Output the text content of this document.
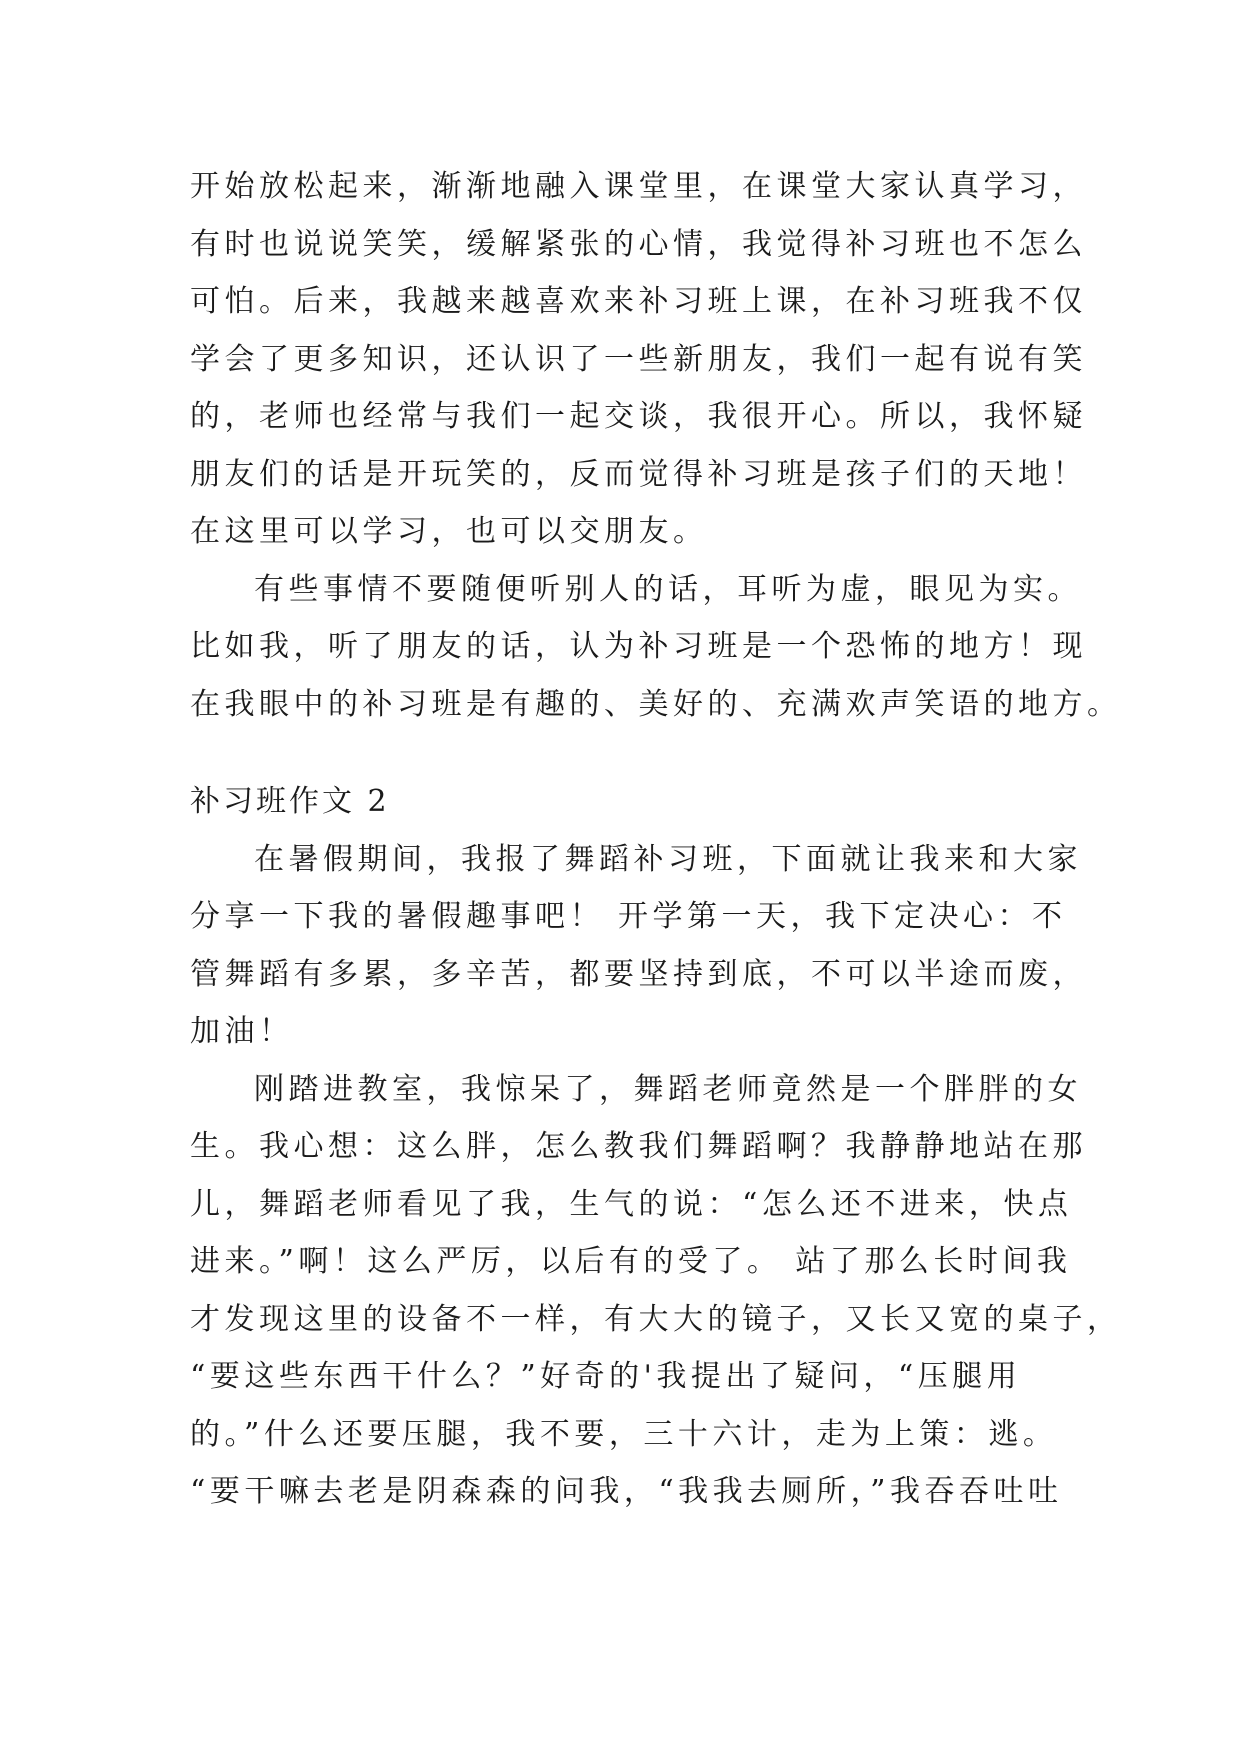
开始放松起来，渐渐地融入课堂里，在课堂大家认真学习，
有时也说说笑笑，缓解紧张的心情，我觉得补习班也不怎么
可怕。后来，我越来越喜欢来补习班上课，在补习班我不仅
学会了更多知识，还认识了一些新朋友，我们一起有说有笑
的，老师也经常与我们一起交谈，我很开心。所以，我怀疑
朋友们的话是开玩笑的，反而觉得补习班是孩子们的天地！
在这里可以学习，也可以交朋友。
有些事情不要随便听别人的话，耳听为虚，眼见为实。
比如我，听了朋友的话，认为补习班是一个恐怖的地方！现
在我眼中的补习班是有趣的、美好的、充满欢声笑语的地方。
补习班作文 2
在暑假期间，我报了舞蹈补习班，下面就让我来和大家
分享一下我的暑假趣事吧！ 开学第一天，我下定决心：不
管舞蹈有多累，多辛苦，都要坚持到底，不可以半途而废，
加油！
刚踏进教室，我惊呆了，舞蹈老师竟然是一个胖胖的女
生。我心想：这么胖，怎么教我们舞蹈啊？我静静地站在那
儿，舞蹈老师看见了我，生气的说：“怎么还不进来，快点
进来。”啊！这么严厉，以后有的受了。 站了那么长时间我
才发现这里的设备不一样，有大大的镜子，又长又宽的桌子，
“要这些东西干什么？”好奇的'我提出了疑问，“压腿用
的。”什么还要压腿，我不要，三十六计，走为上策：逃。
“要干嘛去老是阴森森的问我，“我我去厕所，”我吞吞吐吐
